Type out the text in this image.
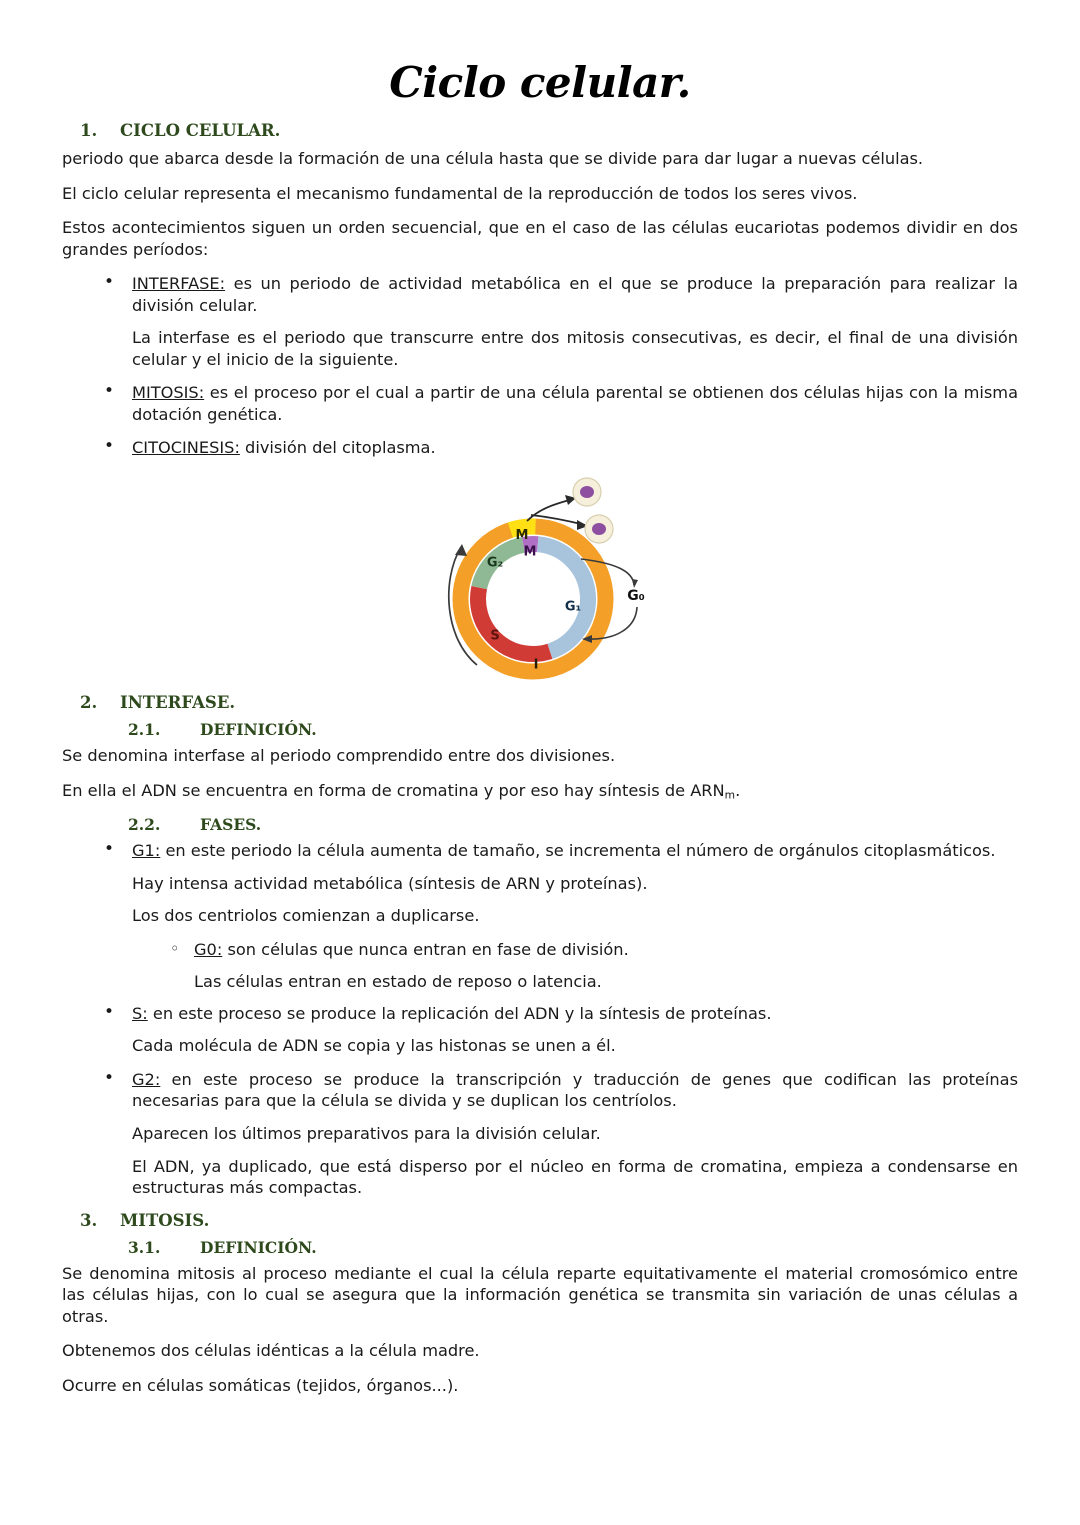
Ciclo celular.
1.	CICLO CELULAR.

periodo que abarca desde la formación de una célula hasta que se divide para dar lugar a nuevas células.

El ciclo celular representa el mecanismo fundamental de la reproducción de todos los seres vivos.

Estos acontecimientos siguen un orden secuencial, que en el caso de las células eucariotas podemos dividir en dos grandes períodos:

• INTERFASE: es un periodo de actividad metabólica en el que se produce la preparación para realizar la división celular.
La interfase es el periodo que transcurre entre dos mitosis consecutivas, es decir, el final de una división celular y el inicio de la siguiente.
• MITOSIS: es el proceso por el cual a partir de una célula parental se obtienen dos células hijas con la misma dotación genética.
• CITOCINESIS: división del citoplasma.
M
M
G₂
S
G₁
I
G₀
2.	INTERFASE.
2.1.	DEFINICIÓN.

Se denomina interfase al periodo comprendido entre dos divisiones.

En ella el ADN se encuentra en forma de cromatina y por eso hay síntesis de $ARN_m$.

2.2.	FASES.
• G1: en este periodo la célula aumenta de tamaño, se incrementa el número de orgánulos citoplasmáticos.
Hay intensa actividad metabólica (síntesis de ARN y proteínas).
Los dos centriolos comienzan a duplicarse.
◦ G0: son células que nunca entran en fase de división.
Las células entran en estado de reposo o latencia.
• S: en este proceso se produce la replicación del ADN y la síntesis de proteínas.
Cada molécula de ADN se copia y las histonas se unen a él.
• G2: en este proceso se produce la transcripción y traducción de genes que codifican las proteínas necesarias para que la célula se divida y se duplican los centríolos.
Aparecen los últimos preparativos para la división celular.
El ADN, ya duplicado, que está disperso por el núcleo en forma de cromatina, empieza a condensarse en estructuras más compactas.
3.	MITOSIS.
3.1.	DEFINICIÓN.

Se denomina mitosis al proceso mediante el cual la célula reparte equitativamente el material cromosómico entre las células hijas, con lo cual se asegura que la información genética se transmita sin variación de unas células a otras.

Obtenemos dos células idénticas a la célula madre.

Ocurre en células somáticas (tejidos, órganos...).
